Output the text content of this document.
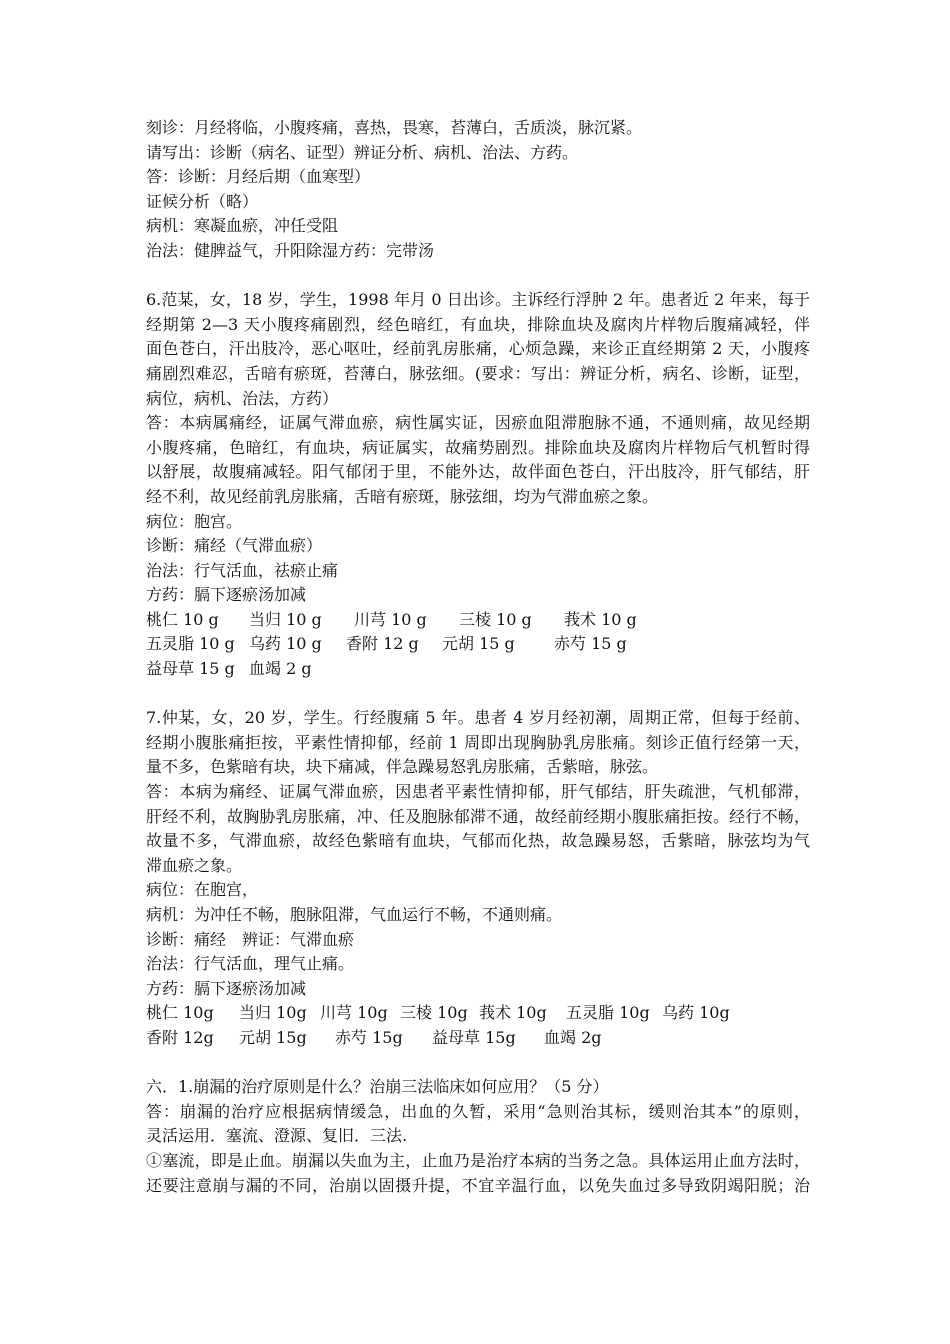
刻诊：月经将临，小腹疼痛，喜热，畏寒，苔薄白，舌质淡，脉沉紧。
请写出：诊断（病名、证型）辨证分析、病机、治法、方药。
答：诊断：月经后期（血寒型）
证候分析（略）
病机：寒凝血瘀，冲任受阻
治法：健脾益气，升阳除湿方药：完带汤
6.范某，女，18 岁，学生，1998 年月 0 日出诊。主诉经行浮肿 2 年。患者近 2 年来，每于
经期第 2—3 天小腹疼痛剧烈，经色暗红，有血块，排除血块及腐肉片样物后腹痛减轻，伴
面色苍白，汗出肢冷，恶心呕吐，经前乳房胀痛，心烦急躁，来诊正直经期第 2 天，小腹疼
痛剧烈难忍，舌暗有瘀斑，苔薄白，脉弦细。(要求：写出：辨证分析，病名、诊断，证型，
病位，病机、治法，方药）
答：本病属痛经，证属气滞血瘀，病性属实证，因瘀血阻滞胞脉不通，不通则痛，故见经期
小腹疼痛，色暗红，有血块，病证属实，故痛势剧烈。排除血块及腐肉片样物后气机暂时得
以舒展，故腹痛减轻。阳气郁闭于里，不能外达，故伴面色苍白，汗出肢冷，肝气郁结，肝
经不利，故见经前乳房胀痛，舌暗有瘀斑，脉弦细，均为气滞血瘀之象。
病位：胞宫。
诊断：痛经（气滞血瘀）
治法：行气活血，祛瘀止痛
方药：膈下逐瘀汤加减
桃仁 10 g 当归 10 g 川芎 10 g 三棱 10 g 莪术 10 g
五灵脂 10 g 乌药 10 g 香附 12 g 元胡 15 g 赤芍 15 g
益母草 15 g 血竭 2 g
7.仲某，女，20 岁，学生。行经腹痛 5 年。患者 4 岁月经初潮，周期正常，但每于经前、
经期小腹胀痛拒按，平素性情抑郁，经前 1 周即出现胸胁乳房胀痛。刻诊正值行经第一天，
量不多，色紫暗有块，块下痛减，伴急躁易怒乳房胀痛，舌紫暗，脉弦。
答：本病为痛经、证属气滞血瘀，因患者平素性情抑郁，肝气郁结，肝失疏泄，气机郁滞，
肝经不利，故胸胁乳房胀痛，冲、任及胞脉郁滞不通，故经前经期小腹胀痛拒按。经行不畅，
故量不多，气滞血瘀，故经色紫暗有血块，气郁而化热，故急躁易怒，舌紫暗，脉弦均为气
滞血瘀之象。
病位：在胞宫，
病机：为冲任不畅，胞脉阻滞，气血运行不畅，不通则痛。
诊断：痛经　辨证：气滞血瘀
治法：行气活血，理气止痛。
方药：膈下逐瘀汤加减
桃仁 10g 当归 10g 川芎 10g 三棱 10g 莪术 10g 五灵脂 10g 乌药 10g
香附 12g 元胡 15g 赤芍 15g 益母草 15g 血竭 2g
六．1.崩漏的治疗原则是什么？治崩三法临床如何应用？（5 分）
答：崩漏的治疗应根据病情缓急，出血的久暂，采用“急则治其标，缓则治其本”的原则，
灵活运用．塞流、澄源、复旧．三法.
①塞流，即是止血。崩漏以失血为主，止血乃是治疗本病的当务之急。具体运用止血方法时，
还要注意崩与漏的不同，治崩以固摄升提，不宜辛温行血，以免失血过多导致阴竭阳脱；治
